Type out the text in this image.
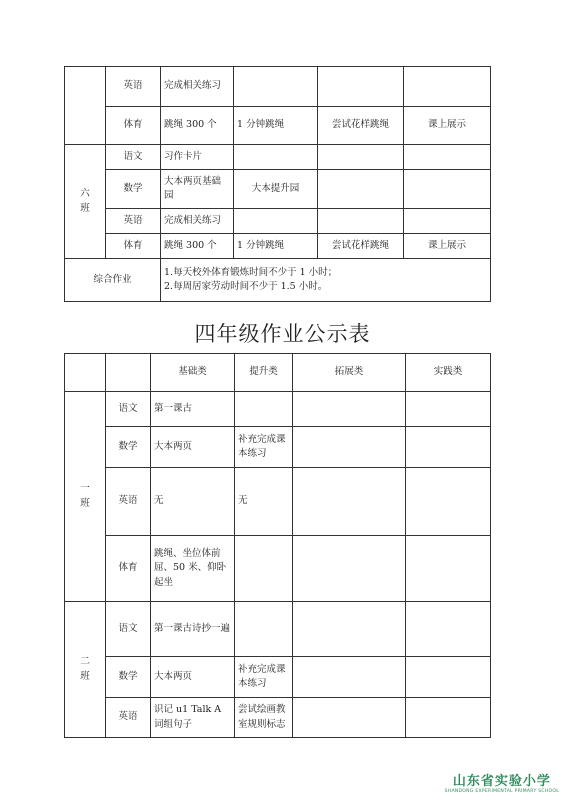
	英语	完成相关练习			
	体育	跳绳 300 个	1 分钟跳绳	尝试花样跳绳	课上展示

六
班	语文	习作卡片			
	数学	大本两页基础园	大本提升园		
	英语	完成相关练习			
	体育	跳绳 300 个	1 分钟跳绳	尝试花样跳绳	课上展示
综合作业		1.每天校外体育锻炼时间不少于 1 小时；
2.每周居家劳动时间不少于 1.5 小时。			
四年级作业公示表
		基础类	提升类	拓展类	实践类

一
班	语文	第一课古			
	数学	大本两页	补充完成课本练习		
	英语	无	无		
	体育	跳绳、坐位体前屈、50 米、仰卧起坐			

二
班	语文	第一课古诗抄一遍			
	数学	大本两页	补充完成课本练习		
	英语	识记 u1 Talk A 词组句子	尝试绘画教室规则标志		
山东省实验小学
SHANDONG EXPERIMENTAL PRIMARY SCHOOL
